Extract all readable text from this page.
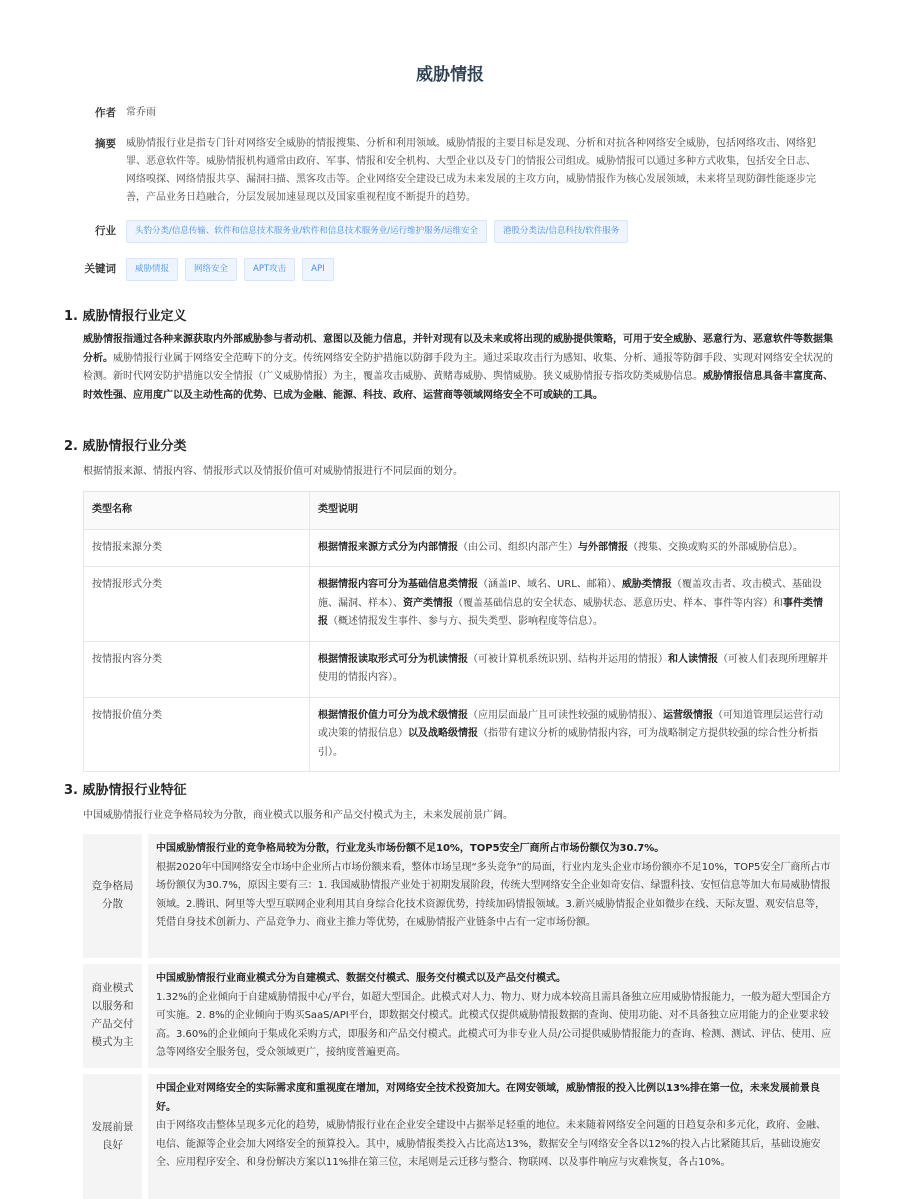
威胁情报
作者 常乔雨
摘要 威胁情报行业是指专门针对网络安全威胁的情报搜集、分析和利用领域。威胁情报的主要目标是发现、分析和对抗各种网络安全威胁，包括网络攻击、网络犯罪、恶意软件等。威胁情报机构通常由政府、军事、情报和安全机构、大型企业以及专门的情报公司组成。威胁情报可以通过多种方式收集，包括安全日志、网络嗅探、网络情报共享、漏洞扫描、黑客攻击等。企业网络安全建设已成为未来发展的主攻方向，威胁情报作为核心发展领域，未来将呈现防御性能逐步完善，产品业务日趋融合，分层发展加速显现以及国家重视程度不断提升的趋势。
行业	头豹分类/信息传输、软件和信息技术服务业/软件和信息技术服务业/运行维护服务/运维安全	港股分类法/信息科技/软件服务
关键词	威胁情报	网络安全	APT攻击	API
1. 威胁情报行业定义
威胁情报指通过各种来源获取内外部威胁参与者动机、意图以及能力信息，并针对现有以及未来或将出现的威胁提供策略，可用于安全威胁、恶意行为、恶意软件等数据集分析。威胁情报行业属于网络安全范畴下的分支。传统网络安全防护措施以防御手段为主。通过采取攻击行为感知、收集、分析、通报等防御手段、实现对网络安全状况的检测。新时代网安防护措施以安全情报（广义威胁情报）为主，覆盖攻击威胁、黄赌毒威胁、舆情威胁。狭义威胁情报专指攻防类威胁信息。威胁情报信息具备丰富度高、时效性强、应用度广以及主动性高的优势、已成为金融、能源、科技、政府、运营商等领域网络安全不可或缺的工具。
2. 威胁情报行业分类
根据情报来源、情报内容、情报形式以及情报价值可对威胁情报进行不同层面的划分。
类型名称	类型说明
按情报来源分类	根据情报来源方式分为内部情报（由公司、组织内部产生）与外部情报（搜集、交换或购买的外部威胁信息）。
按情报形式分类	根据情报内容可分为基础信息类情报（涵盖IP、域名、URL、邮箱）、威胁类情报（覆盖攻击者、攻击模式、基础设施、漏洞、样本）、资产类情报（覆盖基础信息的安全状态、威胁状态、恶意历史、样本、事件等内容）和事件类情报（概述情报发生事件、参与方、损失类型、影响程度等信息）。
按情报内容分类	根据情报读取形式可分为机读情报（可被计算机系统识别、结构并运用的情报）和人读情报（可被人们表现所理解并使用的情报内容）。
按情报价值分类	根据情报价值力可分为战术级情报（应用层面最广且可读性较强的威胁情报）、运营级情报（可知道管理层运营行动或决策的情报信息）以及战略级情报（指带有建议分析的威胁情报内容，可为战略制定方提供较强的综合性分析指引）。
3. 威胁情报行业特征
中国威胁情报行业竞争格局较为分散，商业模式以服务和产品交付模式为主，未来发展前景广阔。
竞争格局分散
中国威胁情报行业的竞争格局较为分散，行业龙头市场份额不足10%，TOP5安全厂商所占市场份额仅为30.7%。
根据2020年中国网络安全市场中企业所占市场份额来看，整体市场呈现“多头竞争”的局面，行业内龙头企业市场份额亦不足10%，TOP5安全厂商所占市场份额仅为30.7%，原因主要有三：1. 我国威胁情报产业处于初期发展阶段，传统大型网络安全企业如奇安信、绿盟科技、安恒信息等加大布局威胁情报领域。2.腾讯、阿里等大型互联网企业利用其自身综合化技术资源优势，持续加码情报领域。3.新兴威胁情报企业如微步在线、天际友盟、观安信息等，凭借自身技术创新力、产品竞争力、商业主推力等优势，在威胁情报产业链条中占有一定市场份额。
商业模式以服务和产品交付模式为主
中国威胁情报行业商业模式分为自建模式、数据交付模式、服务交付模式以及产品交付模式。
1.32%的企业倾向于自建威胁情报中心/平台，如超大型国企。此模式对人力、物力、财力成本较高且需具备独立应用威胁情报能力，一般为超大型国企方可实施。2. 8%的企业倾向于购买SaaS/API平台，即数据交付模式。此模式仅提供威胁情报数据的查询、使用功能、对不具备独立应用能力的企业要求较高。3.60%的企业倾向于集成化采购方式，即服务和产品交付模式。此模式可为非专业人员/公司提供威胁情报能力的查询、检测、测试、评估、使用、应急等网络安全服务包，受众领域更广，接纳度普遍更高。
发展前景良好
中国企业对网络安全的实际需求度和重视度在增加，对网络安全技术投资加大。在网安领域，威胁情报的投入比例以13%排在第一位，未来发展前景良好。
由于网络攻击整体呈现多元化的趋势，威胁情报行业在企业安全建设中占据举足轻重的地位。未来随着网络安全问题的日趋复杂和多元化，政府、金融、电信、能源等企业会加大网络安全的预算投入。其中，威胁情报类投入占比高达13%，数据安全与网络安全各以12%的投入占比紧随其后，基础设施安全、应用程序安全、和身份解决方案以11%排在第三位，末尾则是云迁移与整合、物联网、以及事件响应与灾难恢复，各占10%。
